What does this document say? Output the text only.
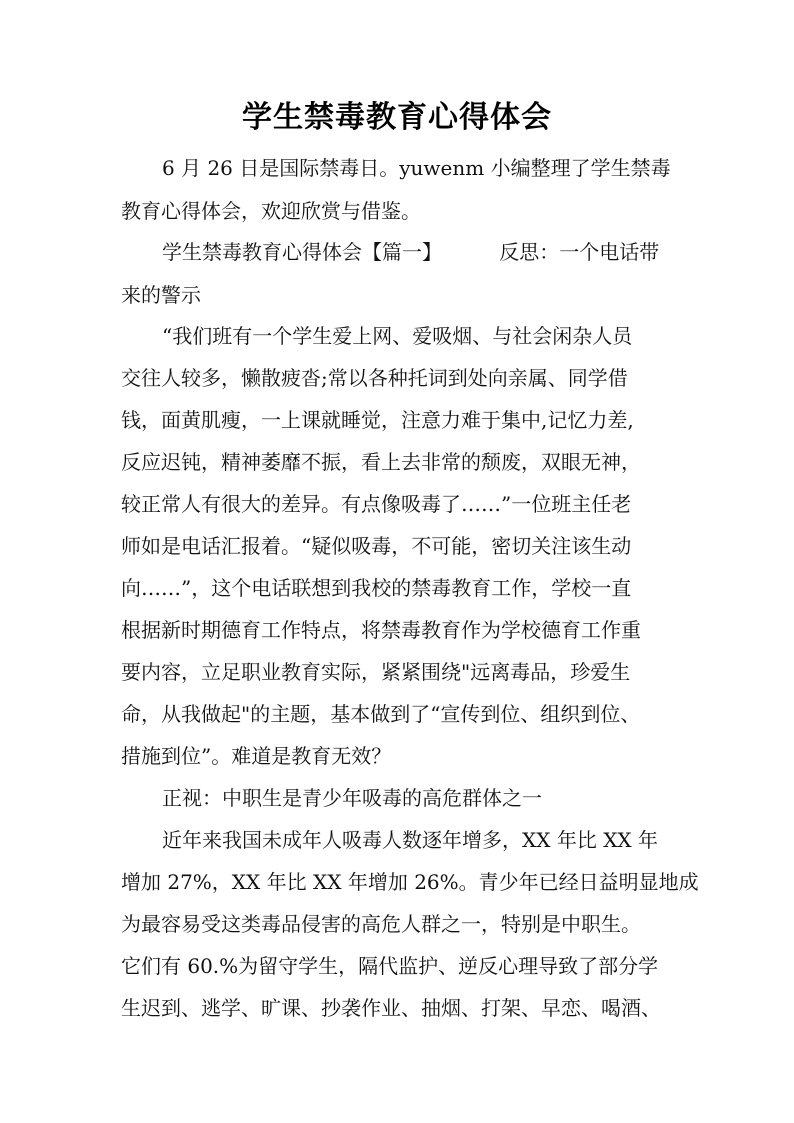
学生禁毒教育心得体会
6 月 26 日是国际禁毒日。yuwenm 小编整理了学生禁毒
教育心得体会，欢迎欣赏与借鉴。
学生禁毒教育心得体会【篇一】         反思：一个电话带
来的警示
“我们班有一个学生爱上网、爱吸烟、与社会闲杂人员
交往人较多，懒散疲沓;常以各种托词到处向亲属、同学借
钱，面黄肌瘦，一上课就睡觉，注意力难于集中,记忆力差,
反应迟钝，精神萎靡不振，看上去非常的颓废，双眼无神，
较正常人有很大的差异。有点像吸毒了……”一位班主任老
师如是电话汇报着。“疑似吸毒，不可能，密切关注该生动
向……”，这个电话联想到我校的禁毒教育工作，学校一直
根据新时期德育工作特点，将禁毒教育作为学校德育工作重
要内容，立足职业教育实际，紧紧围绕"远离毒品，珍爱生
命，从我做起"的主题，基本做到了“宣传到位、组织到位、
措施到位”。难道是教育无效？
正视：中职生是青少年吸毒的高危群体之一
近年来我国未成年人吸毒人数逐年增多，XX 年比 XX 年
增加 27%，XX 年比 XX 年增加 26%。青少年已经日益明显地成
为最容易受这类毒品侵害的高危人群之一，特别是中职生。
它们有 60.%为留守学生，隔代监护、逆反心理导致了部分学
生迟到、逃学、旷课、抄袭作业、抽烟、打架、早恋、喝酒、
